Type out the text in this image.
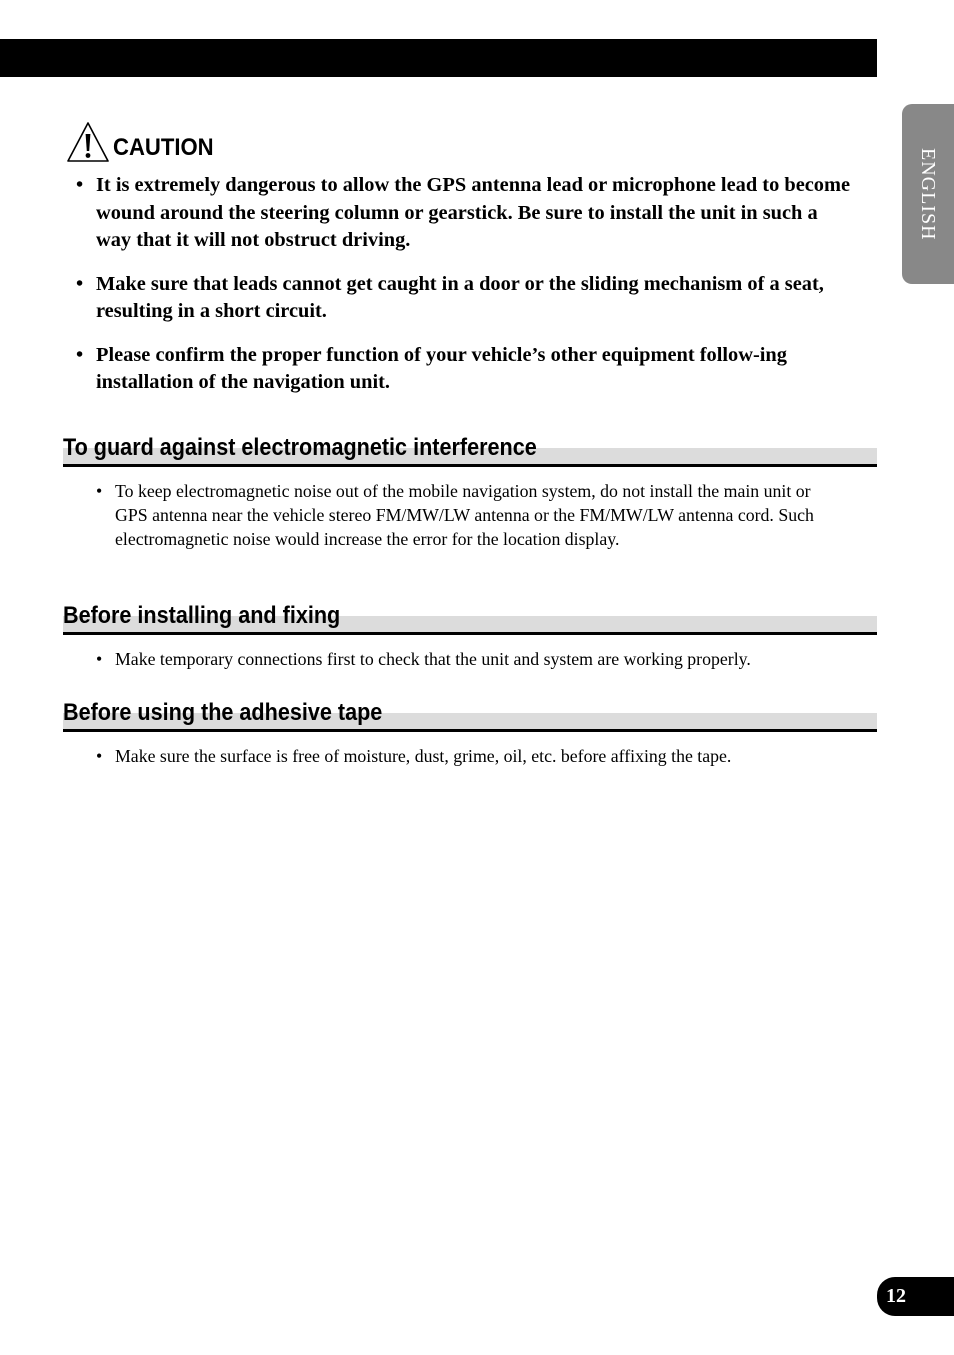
ENGLISH
CAUTION
• It is extremely dangerous to allow the GPS antenna lead or microphone lead to become wound around the steering column or gearstick. Be sure to install the unit in such a way that it will not obstruct driving.
• Make sure that leads cannot get caught in a door or the sliding mechanism of a seat, resulting in a short circuit.
• Please confirm the proper function of your vehicle’s other equipment follow-ing installation of the navigation unit.
To guard against electromagnetic interference
• To keep electromagnetic noise out of the mobile navigation system, do not install the main unit or GPS antenna near the vehicle stereo FM/MW/LW antenna or the FM/MW/LW antenna cord. Such electromagnetic noise would increase the error for the location display.
Before installing and fixing
• Make temporary connections first to check that the unit and system are working properly.
Before using the adhesive tape
• Make sure the surface is free of moisture, dust, grime, oil, etc. before affixing the tape.
12
